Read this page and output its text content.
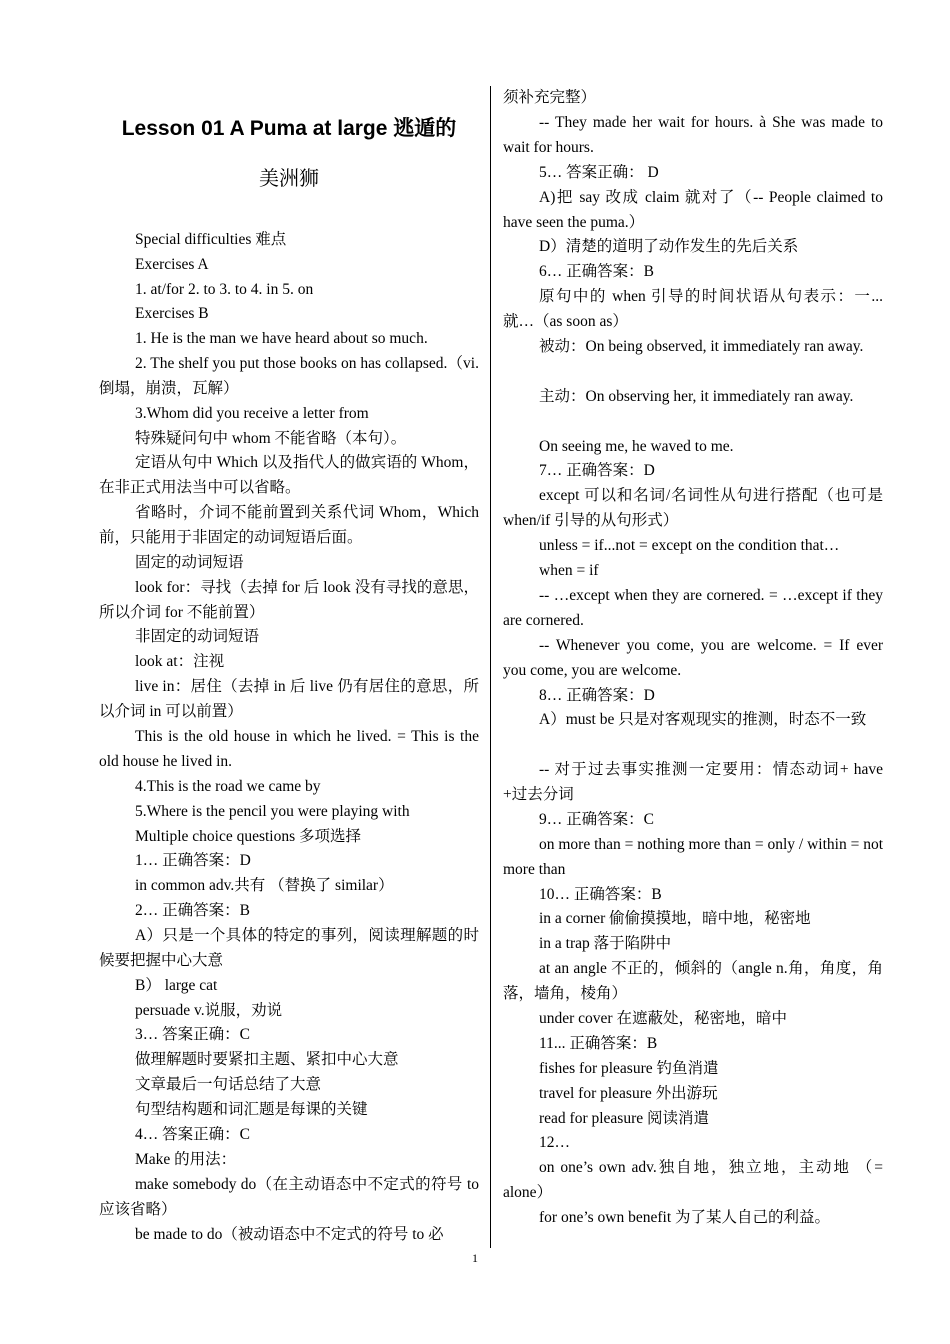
Lesson 01 A Puma at large 逃遁的
美洲狮
Special difficulties 难点
Exercises A
1. at/for 2. to 3. to 4. in 5. on
Exercises B
1. He is the man we have heard about so much.
2. The shelf you put those books on has collapsed.（vi.倒塌，崩溃，瓦解）
3.Whom did you receive a letter from
特殊疑问句中 whom 不能省略（本句）。
定语从句中 Which 以及指代人的做宾语的 Whom，在非正式用法当中可以省略。
省略时，介词不能前置到关系代词 Whom，Which 前，只能用于非固定的动词短语后面。
固定的动词短语
look for：寻找（去掉 for 后 look 没有寻找的意思，所以介词 for 不能前置）
非固定的动词短语
look at：注视
live in：居住（去掉 in 后 live 仍有居住的意思，所以介词 in 可以前置）
This is the old house in which he lived. = This is the old house he lived in.
4.This is the road we came by
5.Where is the pencil you were playing with
Multiple choice questions 多项选择
1… 正确答案：D
in common adv.共有 （替换了 similar）
2… 正确答案：B
A）只是一个具体的特定的事列，阅读理解题的时候要把握中心大意
B） large cat
persuade v.说服，劝说
3… 答案正确：C
做理解题时要紧扣主题、紧扣中心大意
文章最后一句话总结了大意
句型结构题和词汇题是每课的关键
4… 答案正确：C
Make 的用法：
make somebody do（在主动语态中不定式的符号 to 应该省略）
be made to do（被动语态中不定式的符号 to 必
须补充完整）
-- They made her wait for hours. à She was made to wait for hours.
5… 答案正确： D
A)把 say 改成 claim 就对了（-- People claimed to have seen the puma.）
D）清楚的道明了动作发生的先后关系
6… 正确答案：B
原句中的 when 引导的时间状语从句表示：一...就…（as soon as）
被动：On being observed, it immediately ran away.
主动：On observing her, it immediately ran away.
On seeing me, he waved to me.
7… 正确答案：D
except 可以和名词/名词性从句进行搭配（也可是 when/if 引导的从句形式）
unless = if...not = except on the condition that…
when = if
-- …except when they are cornered. = …except if they are cornered.
-- Whenever you come, you are welcome. = If ever you come, you are welcome.
8… 正确答案：D
A）must be 只是对客观现实的推测，时态不一致
-- 对于过去事实推测一定要用：情态动词+ have +过去分词
9… 正确答案：C
on more than = nothing more than = only / within = not more than
10… 正确答案：B
in a corner 偷偷摸摸地，暗中地，秘密地
in a trap 落于陷阱中
at an angle 不正的，倾斜的（angle n.角，角度，角落，墙角，棱角）
under cover 在遮蔽处，秘密地，暗中
11... 正确答案：B
fishes for pleasure 钓鱼消遣
travel for pleasure 外出游玩
read for pleasure 阅读消遣
12…
on one’s own adv.独自地，独立地，主动地 （= alone）
for one’s own benefit 为了某人自己的利益。
1
